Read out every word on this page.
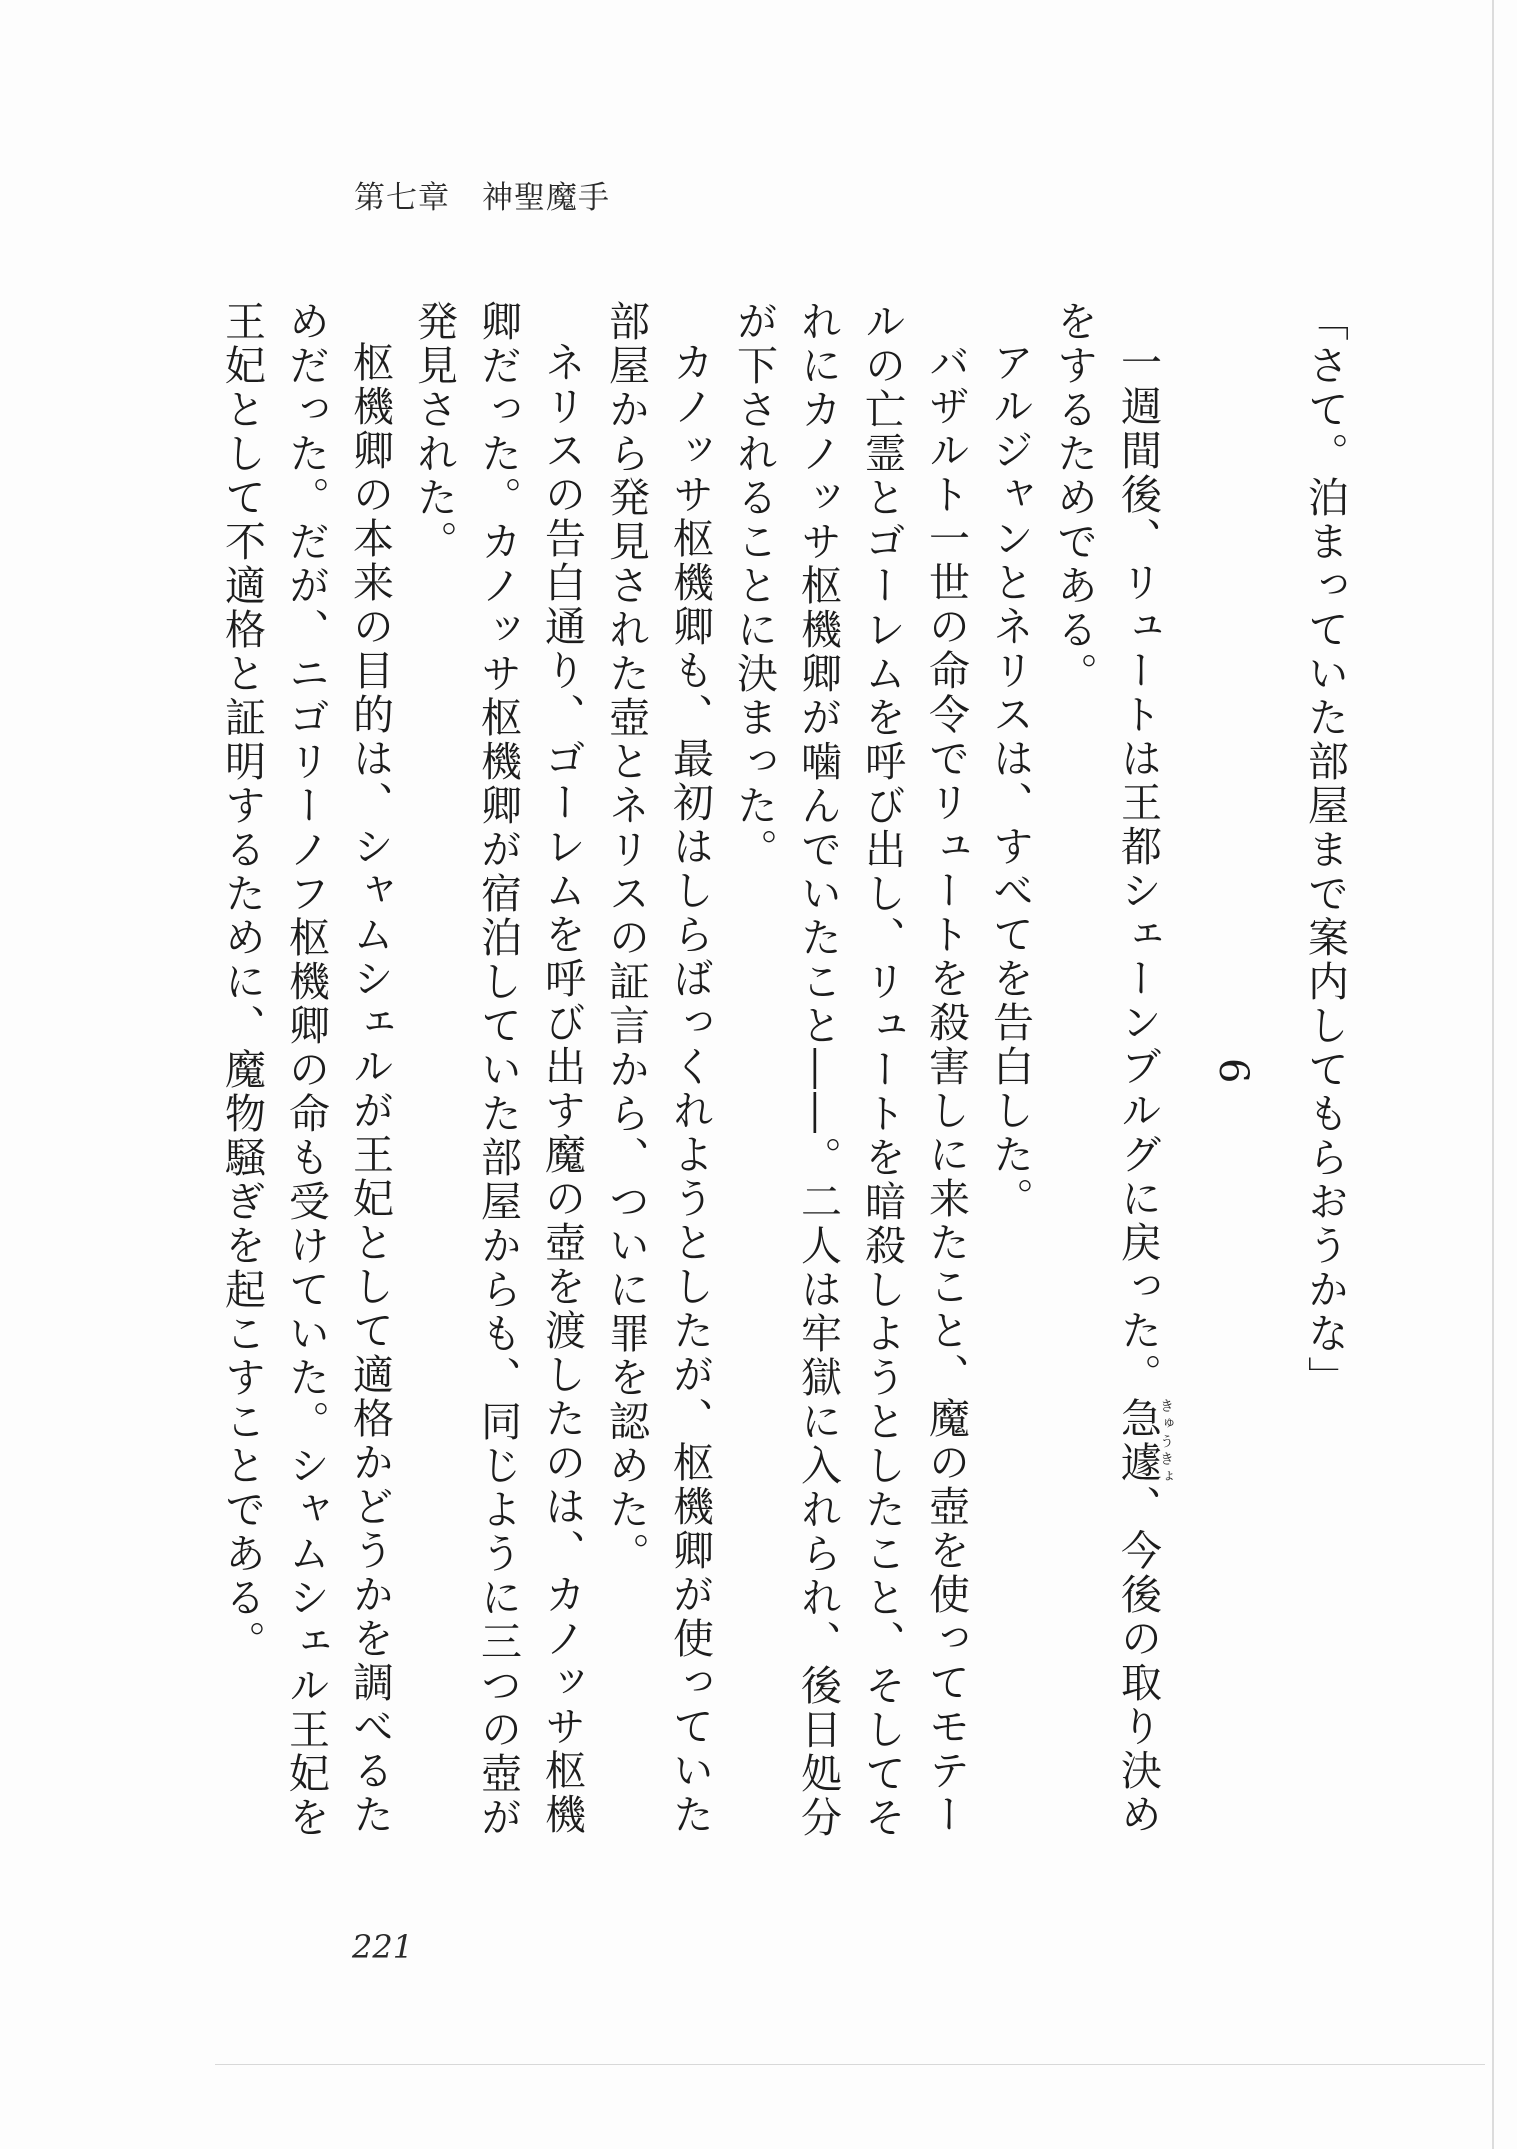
第七章　神聖魔手

「さて。泊まっていた部屋まで案内してもらおうかな」

6

一週間後、リュートは王都シェーンブルグに戻った。急遽きゅうきょ、今後の取り決めをするためである。

アルジャンとネリスは、すべてを告白した。

バザルト一世の命令でリュートを殺害しに来たこと、魔の壺を使ってモテールの亡霊とゴーレムを呼び出し、リュートを暗殺しようとしたこと、そしてそれにカノッサ枢機卿が噛んでいたこと――。二人は牢獄に入れられ、後日処分が下されることに決まった。

カノッサ枢機卿も、最初はしらばっくれようとしたが、枢機卿が使っていた部屋から発見された壺とネリスの証言から、ついに罪を認めた。

ネリスの告白通り、ゴーレムを呼び出す魔の壺を渡したのは、カノッサ枢機卿だった。カノッサ枢機卿が宿泊していた部屋からも、同じように三つの壺が発見された。

枢機卿の本来の目的は、シャムシェルが王妃として適格かどうかを調べるためだった。だが、ニゴリーノフ枢機卿の命も受けていた。シャムシェル王妃を王妃として不適格と証明するために、魔物騒ぎを起こすことである。

221
